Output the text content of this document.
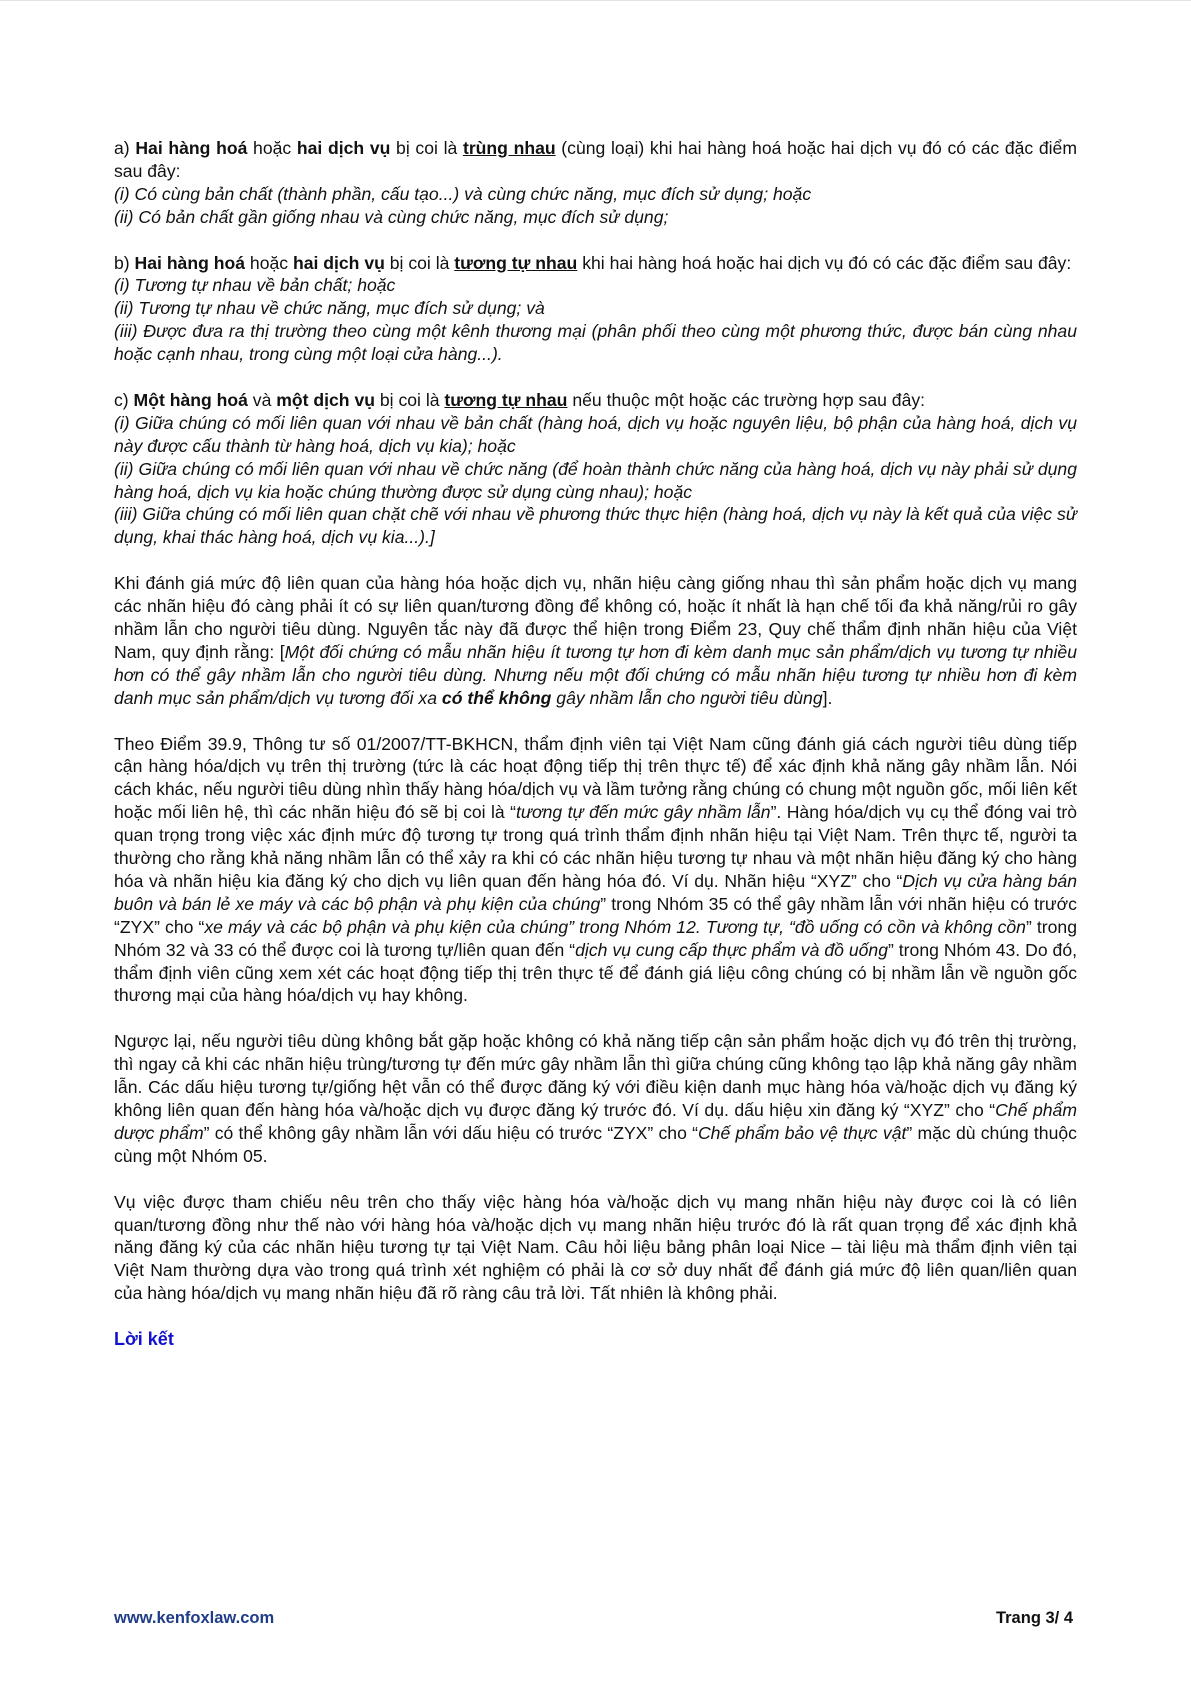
a) Hai hàng hoá hoặc hai dịch vụ bị coi là trùng nhau (cùng loại) khi hai hàng hoá hoặc hai dịch vụ đó có các đặc điểm sau đây:
(i) Có cùng bản chất (thành phần, cấu tạo...) và cùng chức năng, mục đích sử dụng; hoặc
(ii) Có bản chất gần giống nhau và cùng chức năng, mục đích sử dụng;

b) Hai hàng hoá hoặc hai dịch vụ bị coi là tương tự nhau khi hai hàng hoá hoặc hai dịch vụ đó có các đặc điểm sau đây:
(i) Tương tự nhau về bản chất; hoặc
(ii) Tương tự nhau về chức năng, mục đích sử dụng; và
(iii) Được đưa ra thị trường theo cùng một kênh thương mại (phân phối theo cùng một phương thức, được bán cùng nhau hoặc cạnh nhau, trong cùng một loại cửa hàng...).

c) Một hàng hoá và một dịch vụ bị coi là tương tự nhau nếu thuộc một hoặc các trường hợp sau đây:
(i) Giữa chúng có mối liên quan với nhau về bản chất (hàng hoá, dịch vụ hoặc nguyên liệu, bộ phận của hàng hoá, dịch vụ này được cấu thành từ hàng hoá, dịch vụ kia); hoặc
(ii) Giữa chúng có mối liên quan với nhau về chức năng (để hoàn thành chức năng của hàng hoá, dịch vụ này phải sử dụng hàng hoá, dịch vụ kia hoặc chúng thường được sử dụng cùng nhau); hoặc
(iii) Giữa chúng có mối liên quan chặt chẽ với nhau về phương thức thực hiện (hàng hoá, dịch vụ này là kết quả của việc sử dụng, khai thác hàng hoá, dịch vụ kia...).]

Khi đánh giá mức độ liên quan của hàng hóa hoặc dịch vụ, nhãn hiệu càng giống nhau thì sản phẩm hoặc dịch vụ mang các nhãn hiệu đó càng phải ít có sự liên quan/tương đồng để không có, hoặc ít nhất là hạn chế tối đa khả năng/rủi ro gây nhầm lẫn cho người tiêu dùng. Nguyên tắc này đã được thể hiện trong Điểm 23, Quy chế thẩm định nhãn hiệu của Việt Nam, quy định rằng: [Một đối chứng có mẫu nhãn hiệu ít tương tự hơn đi kèm danh mục sản phẩm/dịch vụ tương tự nhiều hơn có thể gây nhầm lẫn cho người tiêu dùng. Nhưng nếu một đối chứng có mẫu nhãn hiệu tương tự nhiều hơn đi kèm danh mục sản phẩm/dịch vụ tương đối xa có thể không gây nhầm lẫn cho người tiêu dùng].

Theo Điểm 39.9, Thông tư số 01/2007/TT-BKHCN, thẩm định viên tại Việt Nam cũng đánh giá cách người tiêu dùng tiếp cận hàng hóa/dịch vụ trên thị trường (tức là các hoạt động tiếp thị trên thực tế) để xác định khả năng gây nhầm lẫn. Nói cách khác, nếu người tiêu dùng nhìn thấy hàng hóa/dịch vụ và lầm tưởng rằng chúng có chung một nguồn gốc, mối liên kết hoặc mối liên hệ, thì các nhãn hiệu đó sẽ bị coi là “tương tự đến mức gây nhầm lẫn”. Hàng hóa/dịch vụ cụ thể đóng vai trò quan trọng trong việc xác định mức độ tương tự trong quá trình thẩm định nhãn hiệu tại Việt Nam. Trên thực tế, người ta thường cho rằng khả năng nhầm lẫn có thể xảy ra khi có các nhãn hiệu tương tự nhau và một nhãn hiệu đăng ký cho hàng hóa và nhãn hiệu kia đăng ký cho dịch vụ liên quan đến hàng hóa đó. Ví dụ. Nhãn hiệu “XYZ” cho “Dịch vụ cửa hàng bán buôn và bán lẻ xe máy và các bộ phận và phụ kiện của chúng” trong Nhóm 35 có thể gây nhầm lẫn với nhãn hiệu có trước “ZYX” cho “xe máy và các bộ phận và phụ kiện của chúng” trong Nhóm 12. Tương tự, “đồ uống có cồn và không cồn” trong Nhóm 32 và 33 có thể được coi là tương tự/liên quan đến “dịch vụ cung cấp thực phẩm và đồ uống” trong Nhóm 43. Do đó, thẩm định viên cũng xem xét các hoạt động tiếp thị trên thực tế để đánh giá liệu công chúng có bị nhầm lẫn về nguồn gốc thương mại của hàng hóa/dịch vụ hay không.

Ngược lại, nếu người tiêu dùng không bắt gặp hoặc không có khả năng tiếp cận sản phẩm hoặc dịch vụ đó trên thị trường, thì ngay cả khi các nhãn hiệu trùng/tương tự đến mức gây nhầm lẫn thì giữa chúng cũng không tạo lập khả năng gây nhầm lẫn. Các dấu hiệu tương tự/giống hệt vẫn có thể được đăng ký với điều kiện danh mục hàng hóa và/hoặc dịch vụ đăng ký không liên quan đến hàng hóa và/hoặc dịch vụ được đăng ký trước đó. Ví dụ. dấu hiệu xin đăng ký “XYZ” cho “Chế phẩm dược phẩm” có thể không gây nhầm lẫn với dấu hiệu có trước “ZYX” cho “Chế phẩm bảo vệ thực vật” mặc dù chúng thuộc cùng một Nhóm 05.

Vụ việc được tham chiếu nêu trên cho thấy việc hàng hóa và/hoặc dịch vụ mang nhãn hiệu này được coi là có liên quan/tương đồng như thế nào với hàng hóa và/hoặc dịch vụ mang nhãn hiệu trước đó là rất quan trọng để xác định khả năng đăng ký của các nhãn hiệu tương tự tại Việt Nam. Câu hỏi liệu bảng phân loại Nice – tài liệu mà thẩm định viên tại Việt Nam thường dựa vào trong quá trình xét nghiệm có phải là cơ sở duy nhất để đánh giá mức độ liên quan/liên quan của hàng hóa/dịch vụ mang nhãn hiệu đã rõ ràng câu trả lời. Tất nhiên là không phải.

Lời kết

www.kenfoxlaw.com	Trang 3/ 4
